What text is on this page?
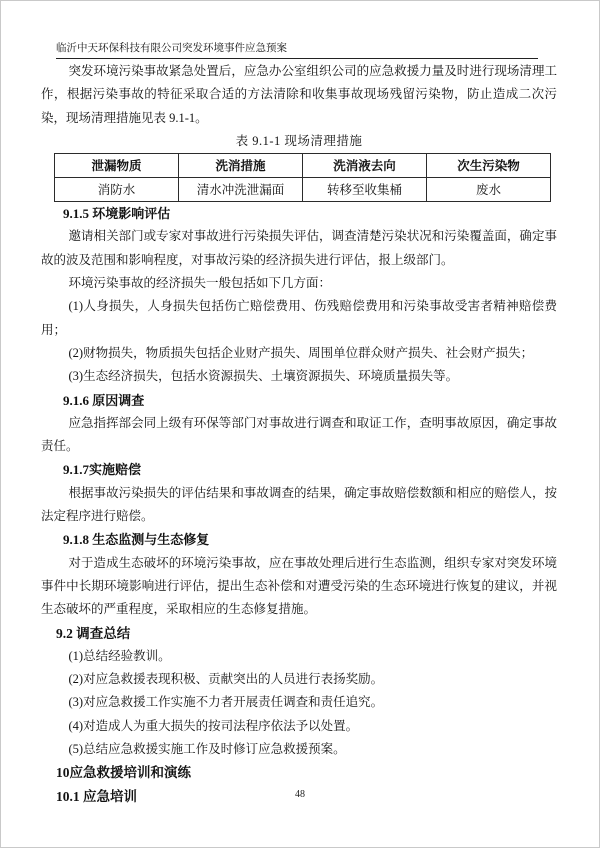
临沂中天环保科技有限公司突发环境事件应急预案

突发环境污染事故紧急处置后，应急办公室组织公司的应急救援力量及时进行现场清理工作，根据污染事故的特征采取合适的方法清除和收集事故现场残留污染物，防止造成二次污染，现场清理措施见表 9.1-1。

表 9.1-1 现场清理措施

泄漏物质	洗消措施	洗消液去向	次生污染物
消防水	清水冲洗泄漏面	转移至收集桶	废水
9.1.5 环境影响评估

邀请相关部门或专家对事故进行污染损失评估，调查清楚污染状况和污染覆盖面，确定事故的波及范围和影响程度，对事故污染的经济损失进行评估，报上级部门。

环境污染事故的经济损失一般包括如下几方面：

(1)人身损失，人身损失包括伤亡赔偿费用、伤残赔偿费用和污染事故受害者精神赔偿费用；

(2)财物损失，物质损失包括企业财产损失、周围单位群众财产损失、社会财产损失；

(3)生态经济损失，包括水资源损失、土壤资源损失、环境质量损失等。

9.1.6 原因调查

应急指挥部会同上级有环保等部门对事故进行调查和取证工作，查明事故原因，确定事故责任。

9.1.7实施赔偿

根据事故污染损失的评估结果和事故调查的结果，确定事故赔偿数额和相应的赔偿人，按法定程序进行赔偿。

9.1.8 生态监测与生态修复

对于造成生态破坏的环境污染事故，应在事故处理后进行生态监测，组织专家对突发环境事件中长期环境影响进行评估，提出生态补偿和对遭受污染的生态环境进行恢复的建议，并视生态破坏的严重程度，采取相应的生态修复措施。

9.2 调查总结

(1)总结经验教训。

(2)对应急救援表现积极、贡献突出的人员进行表扬奖励。

(3)对应急救援工作实施不力者开展责任调查和责任追究。

(4)对造成人为重大损失的按司法程序依法予以处置。

(5)总结应急救援实施工作及时修订应急救援预案。

10应急救援培训和演练
10.1 应急培训	48
